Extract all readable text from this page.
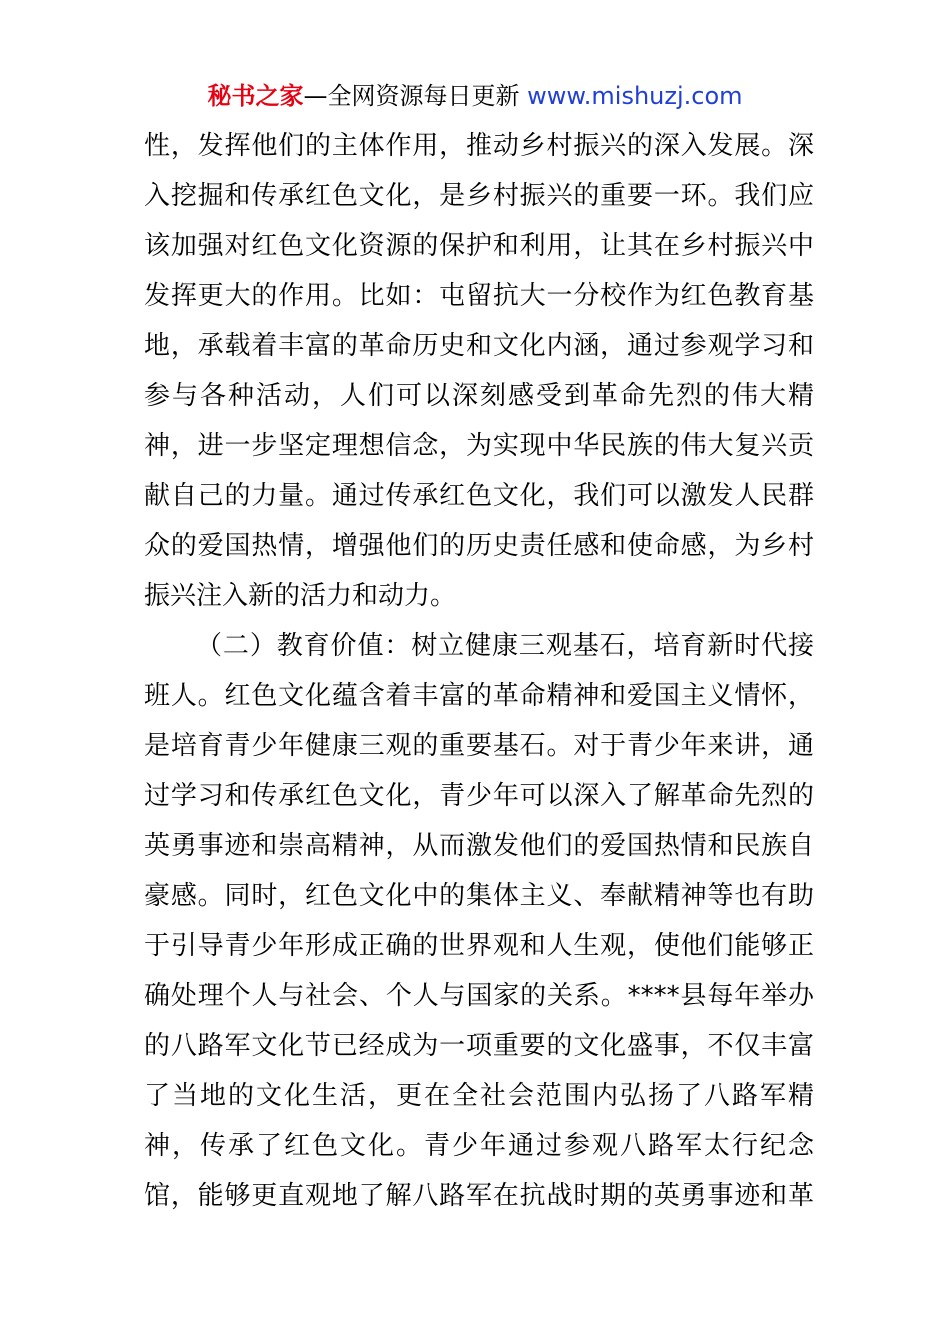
秘书之家—全网资源每日更新 www.mishuzj.com
性，发挥他们的主体作用，推动乡村振兴的深入发展。深
入挖掘和传承红色文化，是乡村振兴的重要一环。我们应
该加强对红色文化资源的保护和利用，让其在乡村振兴中
发挥更大的作用。比如：屯留抗大一分校作为红色教育基
地，承载着丰富的革命历史和文化内涵，通过参观学习和
参与各种活动，人们可以深刻感受到革命先烈的伟大精
神，进一步坚定理想信念，为实现中华民族的伟大复兴贡
献自己的力量。通过传承红色文化，我们可以激发人民群
众的爱国热情，增强他们的历史责任感和使命感，为乡村
振兴注入新的活力和动力。
（二）教育价值：树立健康三观基石，培育新时代接
班人。红色文化蕴含着丰富的革命精神和爱国主义情怀，
是培育青少年健康三观的重要基石。对于青少年来讲，通
过学习和传承红色文化，青少年可以深入了解革命先烈的
英勇事迹和崇高精神，从而激发他们的爱国热情和民族自
豪感。同时，红色文化中的集体主义、奉献精神等也有助
于引导青少年形成正确的世界观和人生观，使他们能够正
确处理个人与社会、个人与国家的关系。****县每年举办
的八路军文化节已经成为一项重要的文化盛事，不仅丰富
了当地的文化生活，更在全社会范围内弘扬了八路军精
神，传承了红色文化。青少年通过参观八路军太行纪念
馆，能够更直观地了解八路军在抗战时期的英勇事迹和革
